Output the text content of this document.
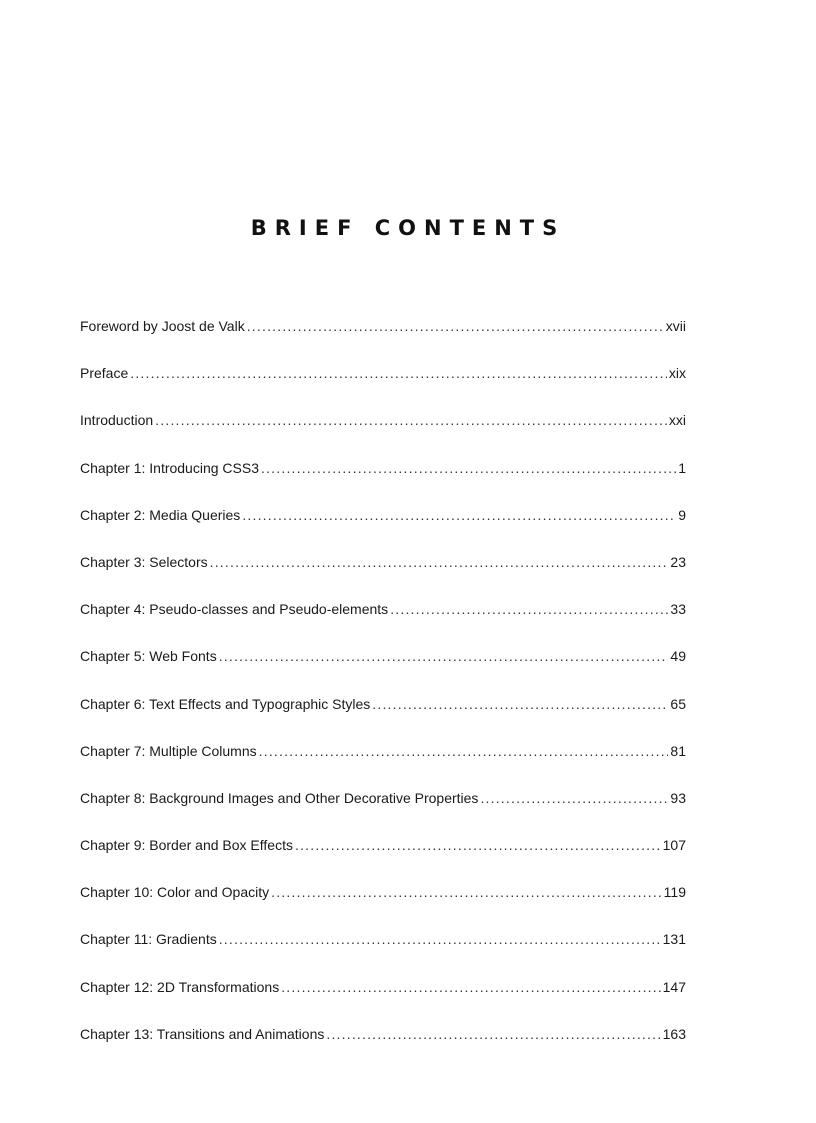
BRIEF CONTENTS
Foreword by Joost de Valk .....	xvii
Preface .....	xix
Introduction .....	xxi
Chapter 1: Introducing CSS3 .....	1
Chapter 2: Media Queries .....	9
Chapter 3: Selectors .....	23
Chapter 4: Pseudo-classes and Pseudo-elements .....	33
Chapter 5: Web Fonts .....	49
Chapter 6: Text Effects and Typographic Styles .....	65
Chapter 7: Multiple Columns .....	81
Chapter 8: Background Images and Other Decorative Properties .....	93
Chapter 9: Border and Box Effects .....	107
Chapter 10: Color and Opacity .....	119
Chapter 11: Gradients .....	131
Chapter 12: 2D Transformations .....	147
Chapter 13: Transitions and Animations .....	163
